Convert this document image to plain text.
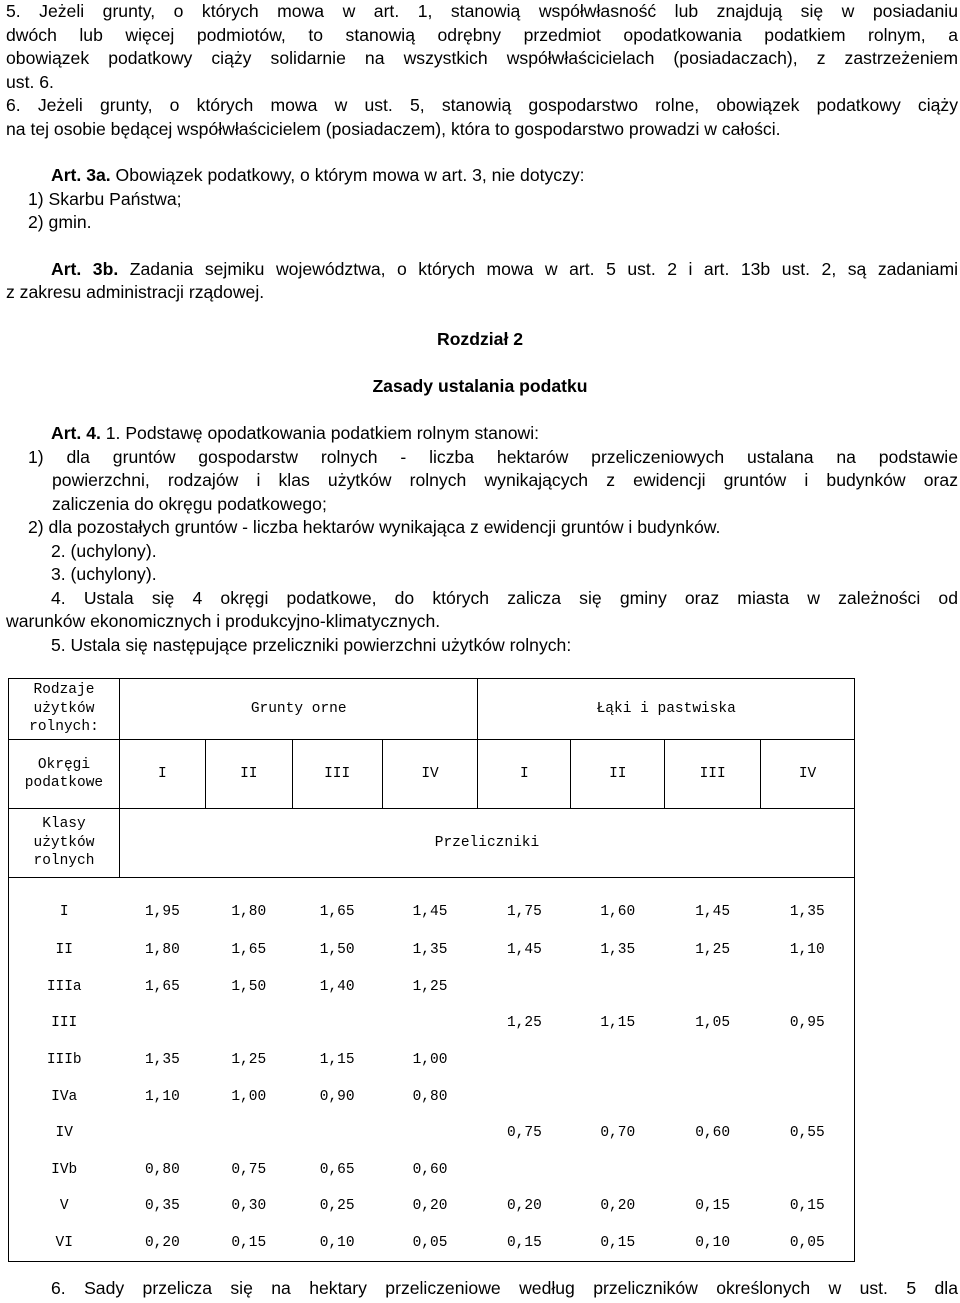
5. Jeżeli grunty, o których mowa w art. 1, stanowią współwłasność lub znajdują się w posiadaniu
dwóch lub więcej podmiotów, to stanowią odrębny przedmiot opodatkowania podatkiem rolnym, a
obowiązek podatkowy ciąży solidarnie na wszystkich współwłaścicielach (posiadaczach), z zastrzeżeniem
ust. 6.
6. Jeżeli grunty, o których mowa w ust. 5, stanowią gospodarstwo rolne, obowiązek podatkowy ciąży
na tej osobie będącej współwłaścicielem (posiadaczem), która to gospodarstwo prowadzi w całości.
Art. 3a. Obowiązek podatkowy, o którym mowa w art. 3, nie dotyczy:
1) Skarbu Państwa;
2) gmin.
Art. 3b. Zadania sejmiku województwa, o których mowa w art. 5 ust. 2 i art. 13b ust. 2, są zadaniami
z zakresu administracji rządowej.
Rozdział 2
Zasady ustalania podatku
Art. 4. 1. Podstawę opodatkowania podatkiem rolnym stanowi:
1) dla gruntów gospodarstw rolnych - liczba hektarów przeliczeniowych ustalana na podstawie
powierzchni, rodzajów i klas użytków rolnych wynikających z ewidencji gruntów i budynków oraz
zaliczenia do okręgu podatkowego;
2) dla pozostałych gruntów - liczba hektarów wynikająca z ewidencji gruntów i budynków.
2. (uchylony).
3. (uchylony).
4. Ustala się 4 okręgi podatkowe, do których zalicza się gminy oraz miasta w zależności od
warunków ekonomicznych i produkcyjno-klimatycznych.
5. Ustala się następujące przeliczniki powierzchni użytków rolnych:
Rodzaje
użytków
rolnych:	Grunty orne				Łąki i pastwiska			

Okręgi
podatkowe	I	II	III	IV	I	II	III	IV

Klasy
użytków
rolnych	Przeliczniki							
I	1,95	1,80	1,65	1,45	1,75	1,60	1,45	1,35
II	1,80	1,65	1,50	1,35	1,45	1,35	1,25	1,10
IIIa	1,65	1,50	1,40	1,25				
III					1,25	1,15	1,05	0,95
IIIb	1,35	1,25	1,15	1,00				
IVa	1,10	1,00	0,90	0,80				
IV					0,75	0,70	0,60	0,55
IVb	0,80	0,75	0,65	0,60				
V	0,35	0,30	0,25	0,20	0,20	0,20	0,15	0,15
VI	0,20	0,15	0,10	0,05	0,15	0,15	0,10	0,05
6. Sady przelicza się na hektary przeliczeniowe według przeliczników określonych w ust. 5 dla
